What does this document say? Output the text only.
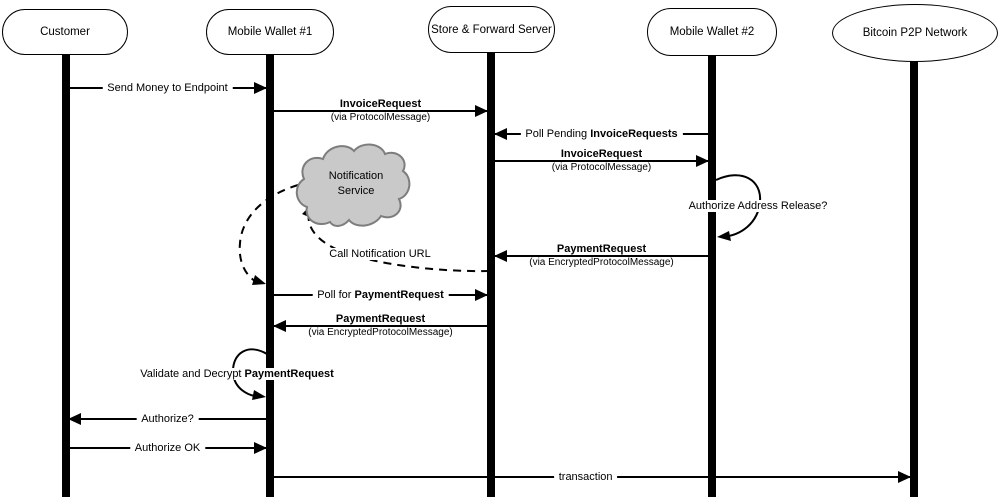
Customer	Mobile Wallet #1	Store & Forward Server	Mobile Wallet #2	Bitcoin P2P Network
Send Money to Endpoint
InvoiceRequest
(via ProtocolMessage)
Poll Pending InvoiceRequests
InvoiceRequest
(via ProtocolMessage)
PaymentRequest
(via EncryptedProtocolMessage)
Poll for PaymentRequest
PaymentRequest
(via EncryptedProtocolMessage)
Authorize?
Authorize OK
transaction
Authorize Address Release?
Validate and Decrypt PaymentRequest
Call Notification URL
Notification
Service
